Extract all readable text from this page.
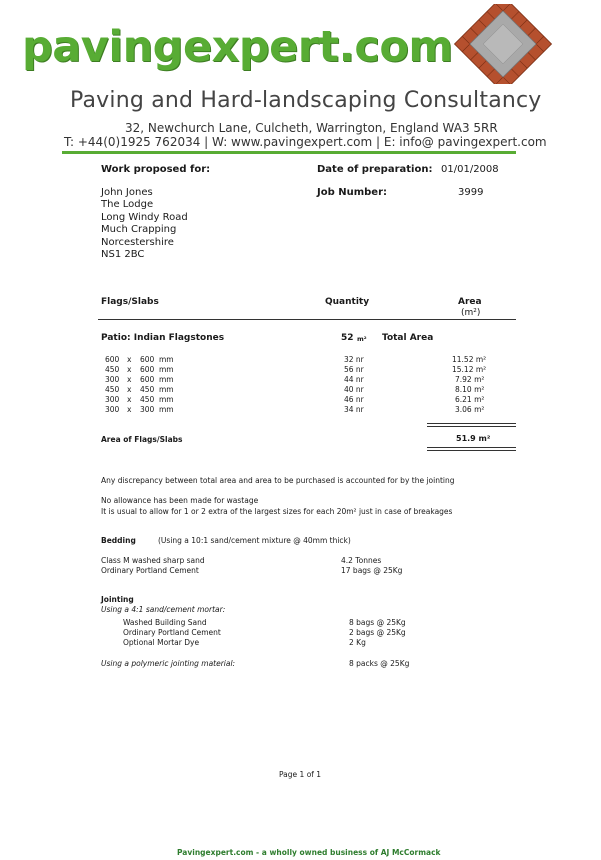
pavingexpert.com
Paving and Hard-landscaping Consultancy
32, Newchurch Lane, Culcheth, Warrington, England WA3 5RR
T: +44(0)1925 762034 | W: www.pavingexpert.com | E: info@ pavingexpert.com
Work proposed for:	Date of preparation: 01/01/2008
Job Number:	3999
John Jones
The Lodge
Long Windy Road
Much Crapping
Norcestershire
NS1 2BC
Flags/Slabs	Quantity	Area
(m²)
Patio: Indian Flagstones	52 m² Total Area
600 x 600 mm	32 nr	11.52 m²
450 x 600 mm	56 nr	15.12 m²
300 x 600 mm	44 nr	7.92 m²
450 x 450 mm	40 nr	8.10 m²
300 x 450 mm	46 nr	6.21 m²
300 x 300 mm	34 nr	3.06 m²
Area of Flags/Slabs	51.9 m²
Any discrepancy between total area and area to be purchased is accounted for by the jointing
No allowance has been made for wastage
It is usual to allow for 1 or 2 extra of the largest sizes for each 20m² just in case of breakages
Bedding	(Using a 10:1 sand/cement mixture @ 40mm thick)
Class M washed sharp sand	4.2 Tonnes
Ordinary Portland Cement	17 bags @ 25Kg
Jointing
Using a 4:1 sand/cement mortar:
Washed Building Sand	8 bags @ 25Kg
Ordinary Portland Cement	2 bags @ 25Kg
Optional Mortar Dye	2 Kg
Using a polymeric jointing material:	8 packs @ 25Kg
Page 1 of 1
Pavingexpert.com - a wholly owned business of AJ McCormack
